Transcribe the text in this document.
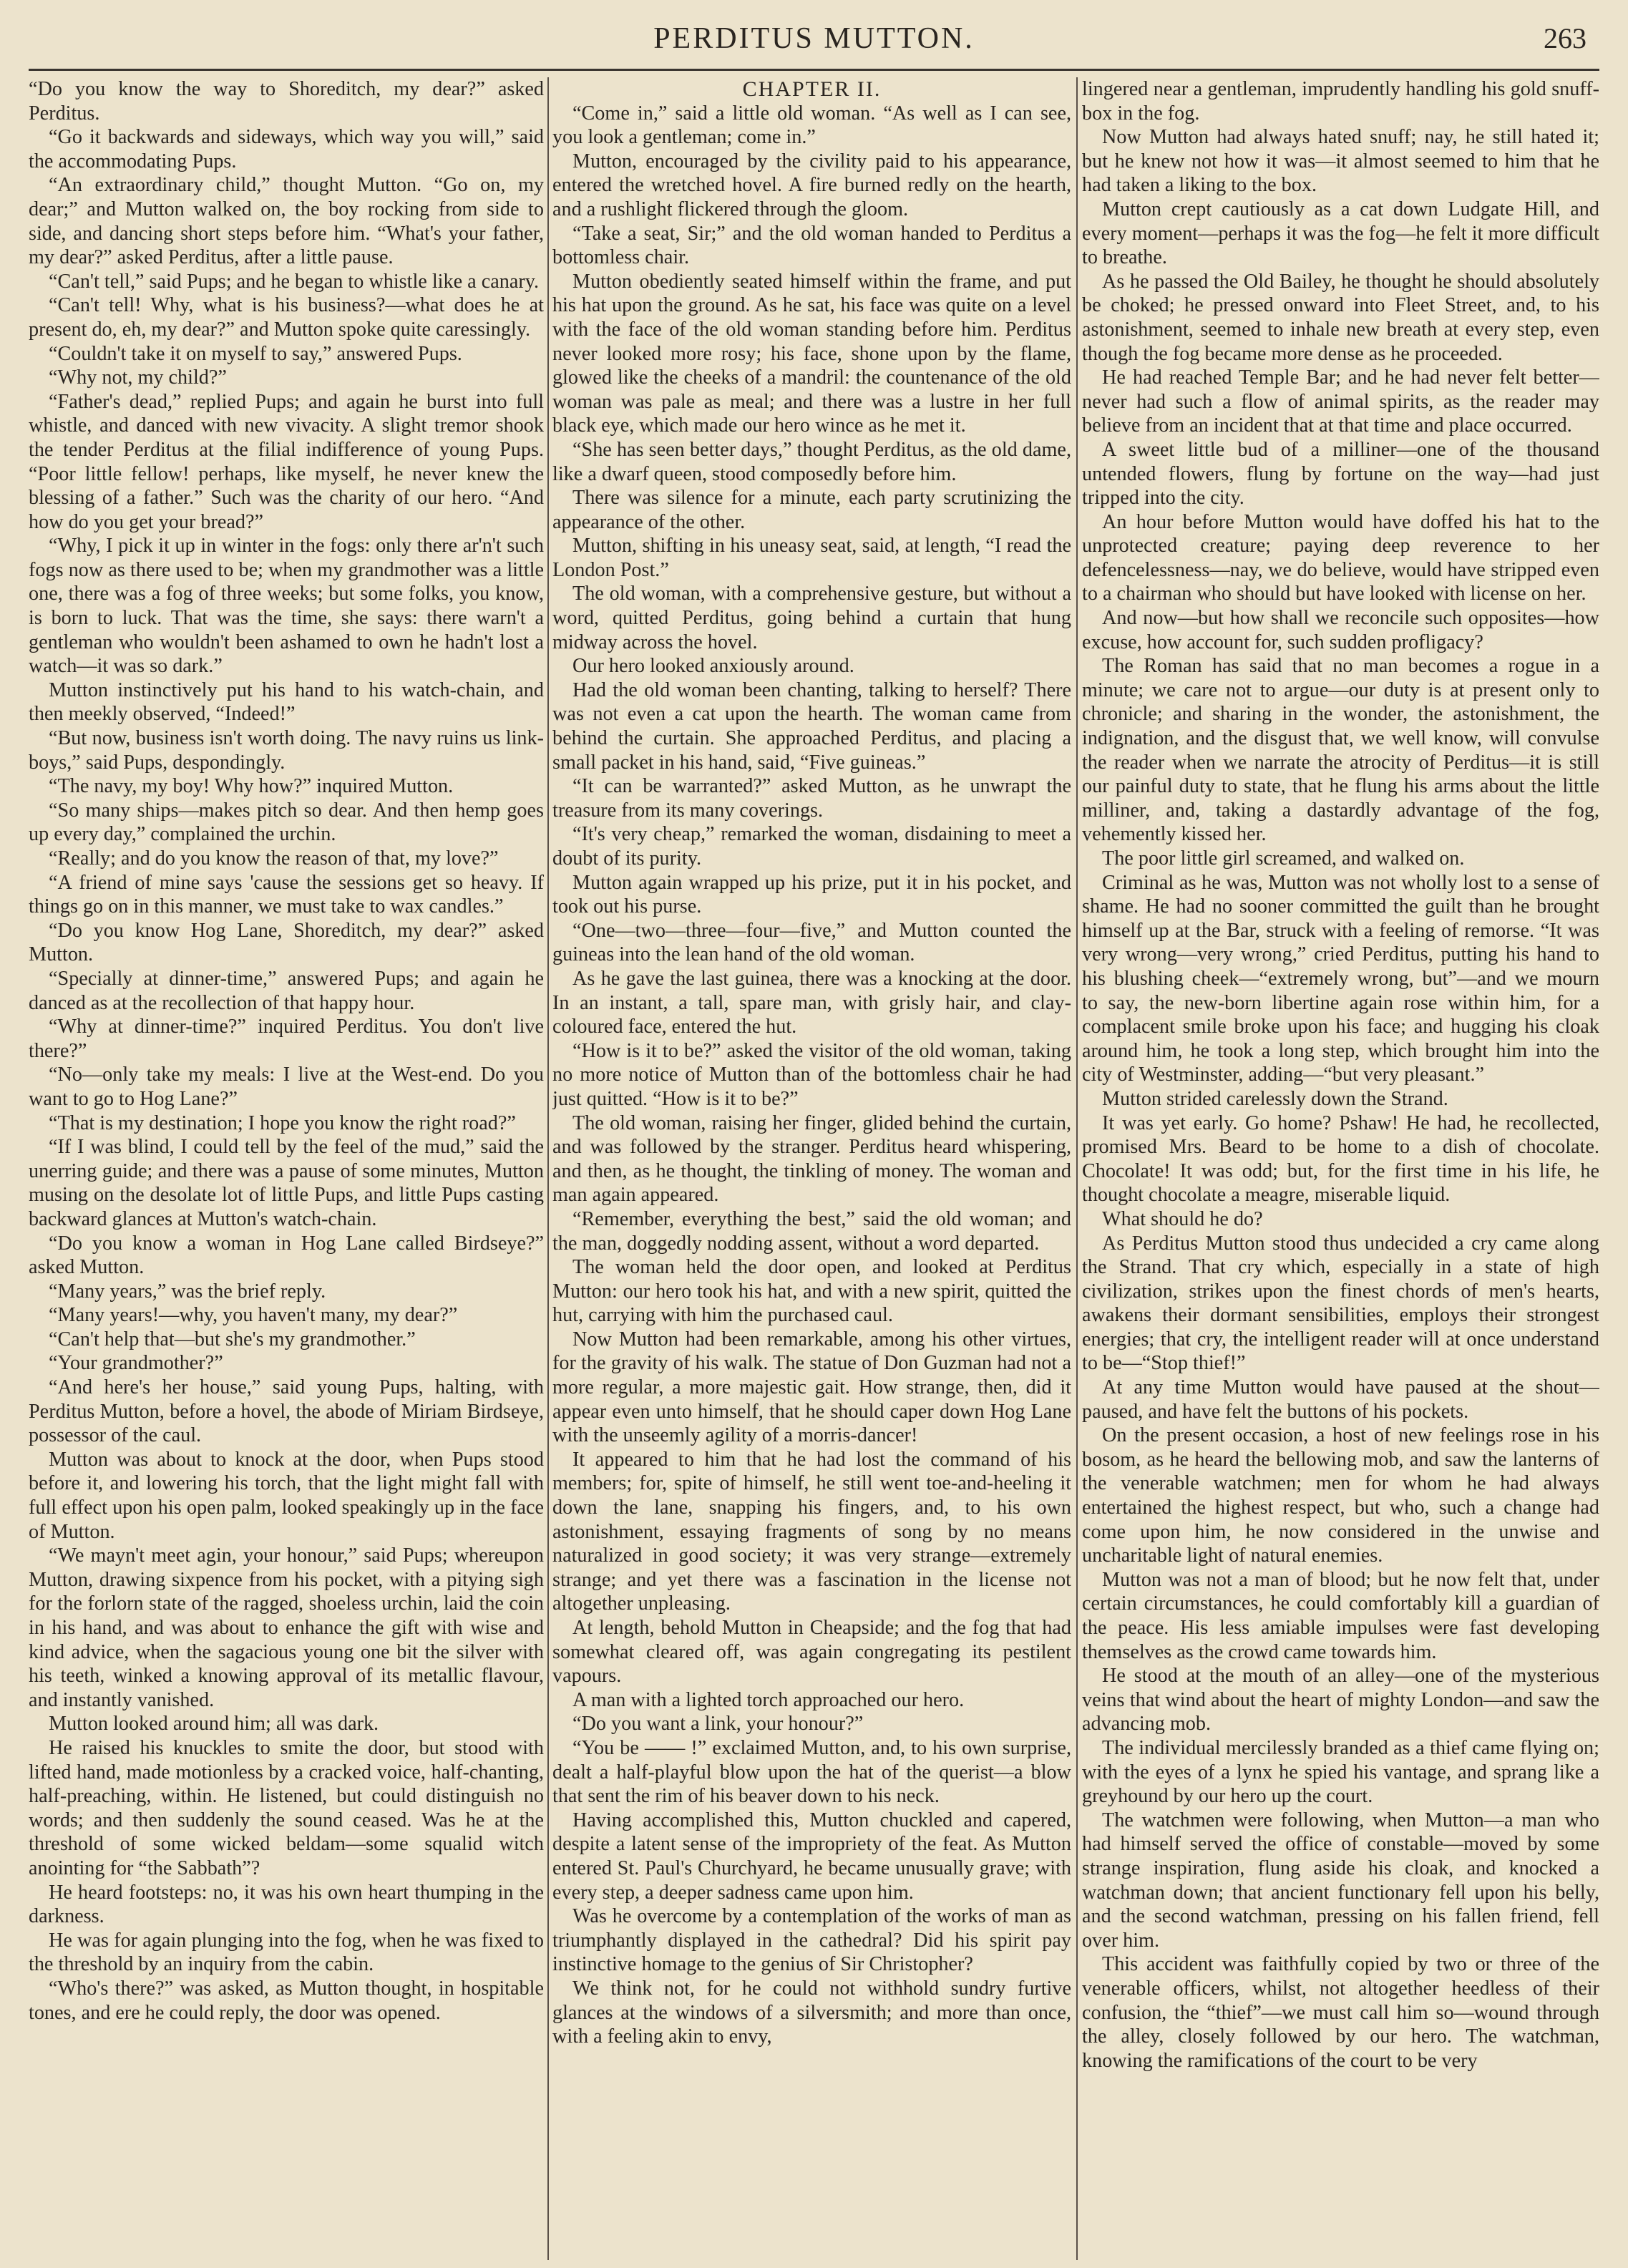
PERDITUS MUTTON.	263

“Do you know the way to Shoreditch, my dear?” asked Perditus.

“Go it backwards and sideways, which way you will,” said the accommodating Pups.

“An extraordinary child,” thought Mutton. “Go on, my dear;” and Mutton walked on, the boy rocking from side to side, and dancing short steps before him. “What's your father, my dear?” asked Perditus, after a little pause.

“Can't tell,” said Pups; and he began to whistle like a canary.

“Can't tell! Why, what is his business?—what does he at present do, eh, my dear?” and Mutton spoke quite caressingly.

“Couldn't take it on myself to say,” answered Pups.

“Why not, my child?”

“Father's dead,” replied Pups; and again he burst into full whistle, and danced with new vivacity. A slight tremor shook the tender Perditus at the filial indifference of young Pups. “Poor little fellow! perhaps, like myself, he never knew the blessing of a father.” Such was the charity of our hero. “And how do you get your bread?”

“Why, I pick it up in winter in the fogs: only there ar'n't such fogs now as there used to be; when my grandmother was a little one, there was a fog of three weeks; but some folks, you know, is born to luck. That was the time, she says: there warn't a gentleman who wouldn't been ashamed to own he hadn't lost a watch—it was so dark.”

Mutton instinctively put his hand to his watch-chain, and then meekly observed, “Indeed!”

“But now, business isn't worth doing. The navy ruins us link-boys,” said Pups, despondingly.

“The navy, my boy! Why how?” inquired Mutton.

“So many ships—makes pitch so dear. And then hemp goes up every day,” complained the urchin.

“Really; and do you know the reason of that, my love?”

“A friend of mine says 'cause the sessions get so heavy. If things go on in this manner, we must take to wax candles.”

“Do you know Hog Lane, Shoreditch, my dear?” asked Mutton.

“Specially at dinner-time,” answered Pups; and again he danced as at the recollection of that happy hour.

“Why at dinner-time?” inquired Perditus. You don't live there?”

“No—only take my meals: I live at the West-end. Do you want to go to Hog Lane?”

“That is my destination; I hope you know the right road?”

“If I was blind, I could tell by the feel of the mud,” said the unerring guide; and there was a pause of some minutes, Mutton musing on the desolate lot of little Pups, and little Pups casting backward glances at Mutton's watch-chain.

“Do you know a woman in Hog Lane called Birdseye?” asked Mutton.

“Many years,” was the brief reply.

“Many years!—why, you haven't many, my dear?”

“Can't help that—but she's my grandmother.”

“Your grandmother?”

“And here's her house,” said young Pups, halting, with Perditus Mutton, before a hovel, the abode of Miriam Birdseye, possessor of the caul.

Mutton was about to knock at the door, when Pups stood before it, and lowering his torch, that the light might fall with full effect upon his open palm, looked speakingly up in the face of Mutton.

“We mayn't meet agin, your honour,” said Pups; whereupon Mutton, drawing sixpence from his pocket, with a pitying sigh for the forlorn state of the ragged, shoeless urchin, laid the coin in his hand, and was about to enhance the gift with wise and kind advice, when the sagacious young one bit the silver with his teeth, winked a knowing approval of its metallic flavour, and instantly vanished.

Mutton looked around him; all was dark.

He raised his knuckles to smite the door, but stood with lifted hand, made motionless by a cracked voice, half-chanting, half-preaching, within. He listened, but could distinguish no words; and then suddenly the sound ceased. Was he at the threshold of some wicked beldam—some squalid witch anointing for “the Sabbath”?

He heard footsteps: no, it was his own heart thumping in the darkness.

He was for again plunging into the fog, when he was fixed to the threshold by an inquiry from the cabin.

“Who's there?” was asked, as Mutton thought, in hospitable tones, and ere he could reply, the door was opened.

CHAPTER II.

“Come in,” said a little old woman. “As well as I can see, you look a gentleman; come in.”

Mutton, encouraged by the civility paid to his appearance, entered the wretched hovel. A fire burned redly on the hearth, and a rushlight flickered through the gloom.

“Take a seat, Sir;” and the old woman handed to Perditus a bottomless chair.

Mutton obediently seated himself within the frame, and put his hat upon the ground. As he sat, his face was quite on a level with the face of the old woman standing before him. Perditus never looked more rosy; his face, shone upon by the flame, glowed like the cheeks of a mandril: the countenance of the old woman was pale as meal; and there was a lustre in her full black eye, which made our hero wince as he met it.

“She has seen better days,” thought Perditus, as the old dame, like a dwarf queen, stood composedly before him.

There was silence for a minute, each party scrutinizing the appearance of the other.

Mutton, shifting in his uneasy seat, said, at length, “I read the London Post.”

The old woman, with a comprehensive gesture, but without a word, quitted Perditus, going behind a curtain that hung midway across the hovel.

Our hero looked anxiously around.

Had the old woman been chanting, talking to herself? There was not even a cat upon the hearth. The woman came from behind the curtain. She approached Perditus, and placing a small packet in his hand, said, “Five guineas.”

“It can be warranted?” asked Mutton, as he unwrapt the treasure from its many coverings.

“It's very cheap,” remarked the woman, disdaining to meet a doubt of its purity.

Mutton again wrapped up his prize, put it in his pocket, and took out his purse.

“One—two—three—four—five,” and Mutton counted the guineas into the lean hand of the old woman.

As he gave the last guinea, there was a knocking at the door. In an instant, a tall, spare man, with grisly hair, and clay-coloured face, entered the hut.

“How is it to be?” asked the visitor of the old woman, taking no more notice of Mutton than of the bottomless chair he had just quitted. “How is it to be?”

The old woman, raising her finger, glided behind the curtain, and was followed by the stranger. Perditus heard whispering, and then, as he thought, the tinkling of money. The woman and man again appeared.

“Remember, everything the best,” said the old woman; and the man, doggedly nodding assent, without a word departed.

The woman held the door open, and looked at Perditus Mutton: our hero took his hat, and with a new spirit, quitted the hut, carrying with him the purchased caul.

Now Mutton had been remarkable, among his other virtues, for the gravity of his walk. The statue of Don Guzman had not a more regular, a more majestic gait. How strange, then, did it appear even unto himself, that he should caper down Hog Lane with the unseemly agility of a morris-dancer!

It appeared to him that he had lost the command of his members; for, spite of himself, he still went toe-and-heeling it down the lane, snapping his fingers, and, to his own astonishment, essaying fragments of song by no means naturalized in good society; it was very strange—extremely strange; and yet there was a fascination in the license not altogether unpleasing.

At length, behold Mutton in Cheapside; and the fog that had somewhat cleared off, was again congregating its pestilent vapours.

A man with a lighted torch approached our hero.

“Do you want a link, your honour?”

“You be —— !” exclaimed Mutton, and, to his own surprise, dealt a half-playful blow upon the hat of the querist—a blow that sent the rim of his beaver down to his neck.

Having accomplished this, Mutton chuckled and capered, despite a latent sense of the impropriety of the feat. As Mutton entered St. Paul's Churchyard, he became unusually grave; with every step, a deeper sadness came upon him.

Was he overcome by a contemplation of the works of man as triumphantly displayed in the cathedral? Did his spirit pay instinctive homage to the genius of Sir Christopher?

We think not, for he could not withhold sundry furtive glances at the windows of a silversmith; and more than once, with a feeling akin to envy,

lingered near a gentleman, imprudently handling his gold snuff-box in the fog.

Now Mutton had always hated snuff; nay, he still hated it; but he knew not how it was—it almost seemed to him that he had taken a liking to the box.

Mutton crept cautiously as a cat down Ludgate Hill, and every moment—perhaps it was the fog—he felt it more difficult to breathe.

As he passed the Old Bailey, he thought he should absolutely be choked; he pressed onward into Fleet Street, and, to his astonishment, seemed to inhale new breath at every step, even though the fog became more dense as he proceeded.

He had reached Temple Bar; and he had never felt better—never had such a flow of animal spirits, as the reader may believe from an incident that at that time and place occurred.

A sweet little bud of a milliner—one of the thousand untended flowers, flung by fortune on the way—had just tripped into the city.

An hour before Mutton would have doffed his hat to the unprotected creature; paying deep reverence to her defencelessness—nay, we do believe, would have stripped even to a chairman who should but have looked with license on her.

And now—but how shall we reconcile such opposites—how excuse, how account for, such sudden profligacy?

The Roman has said that no man becomes a rogue in a minute; we care not to argue—our duty is at present only to chronicle; and sharing in the wonder, the astonishment, the indignation, and the disgust that, we well know, will convulse the reader when we narrate the atrocity of Perditus—it is still our painful duty to state, that he flung his arms about the little milliner, and, taking a dastardly advantage of the fog, vehemently kissed her.

The poor little girl screamed, and walked on.

Criminal as he was, Mutton was not wholly lost to a sense of shame. He had no sooner committed the guilt than he brought himself up at the Bar, struck with a feeling of remorse. “It was very wrong—very wrong,” cried Perditus, putting his hand to his blushing cheek—“extremely wrong, but”—and we mourn to say, the new-born libertine again rose within him, for a complacent smile broke upon his face; and hugging his cloak around him, he took a long step, which brought him into the city of Westminster, adding—“but very pleasant.”

Mutton strided carelessly down the Strand.

It was yet early. Go home? Pshaw! He had, he recollected, promised Mrs. Beard to be home to a dish of chocolate. Chocolate! It was odd; but, for the first time in his life, he thought chocolate a meagre, miserable liquid.

What should he do?

As Perditus Mutton stood thus undecided a cry came along the Strand. That cry which, especially in a state of high civilization, strikes upon the finest chords of men's hearts, awakens their dormant sensibilities, employs their strongest energies; that cry, the intelligent reader will at once understand to be—“Stop thief!”

At any time Mutton would have paused at the shout—paused, and have felt the buttons of his pockets.

On the present occasion, a host of new feelings rose in his bosom, as he heard the bellowing mob, and saw the lanterns of the venerable watchmen; men for whom he had always entertained the highest respect, but who, such a change had come upon him, he now considered in the unwise and uncharitable light of natural enemies.

Mutton was not a man of blood; but he now felt that, under certain circumstances, he could comfortably kill a guardian of the peace. His less amiable impulses were fast developing themselves as the crowd came towards him.

He stood at the mouth of an alley—one of the mysterious veins that wind about the heart of mighty London—and saw the advancing mob.

The individual mercilessly branded as a thief came flying on; with the eyes of a lynx he spied his vantage, and sprang like a greyhound by our hero up the court.

The watchmen were following, when Mutton—a man who had himself served the office of constable—moved by some strange inspiration, flung aside his cloak, and knocked a watchman down; that ancient functionary fell upon his belly, and the second watchman, pressing on his fallen friend, fell over him.

This accident was faithfully copied by two or three of the venerable officers, whilst, not altogether heedless of their confusion, the “thief”—we must call him so—wound through the alley, closely followed by our hero. The watchman, knowing the ramifications of the court to be very
